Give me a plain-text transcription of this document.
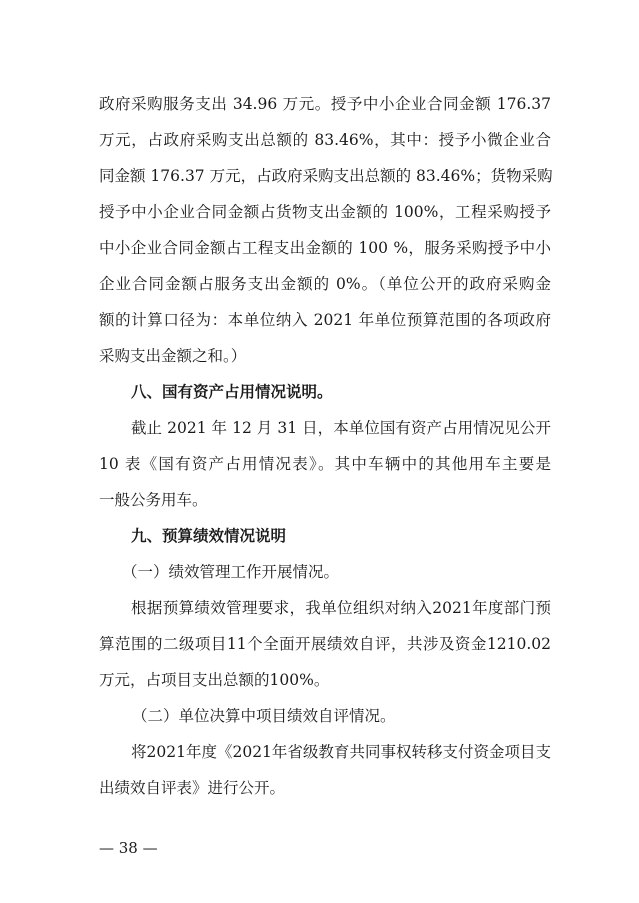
政府采购服务支出 34.96 万元。授予中小企业合同金额 176.37
万元，占政府采购支出总额的 83.46%，其中：授予小微企业合
同金额 176.37 万元，占政府采购支出总额的 83.46%；货物采购
授予中小企业合同金额占货物支出金额的 100%，工程采购授予
中小企业合同金额占工程支出金额的 100 %，服务采购授予中小
企业合同金额占服务支出金额的 0%。（单位公开的政府采购金
额的计算口径为：本单位纳入 2021 年单位预算范围的各项政府
采购支出金额之和。）
八、国有资产占用情况说明。
截止 2021 年 12 月 31 日，本单位国有资产占用情况见公开
10 表《国有资产占用情况表》。其中车辆中的其他用车主要是
一般公务用车。
九、预算绩效情况说明
（一）绩效管理工作开展情况。
根据预算绩效管理要求，我单位组织对纳入2021年度部门预
算范围的二级项目11个全面开展绩效自评，共涉及资金1210.02
万元，占项目支出总额的100%。
（二）单位决算中项目绩效自评情况。
将2021年度《2021年省级教育共同事权转移支付资金项目支
出绩效自评表》进行公开。
— 38 —
